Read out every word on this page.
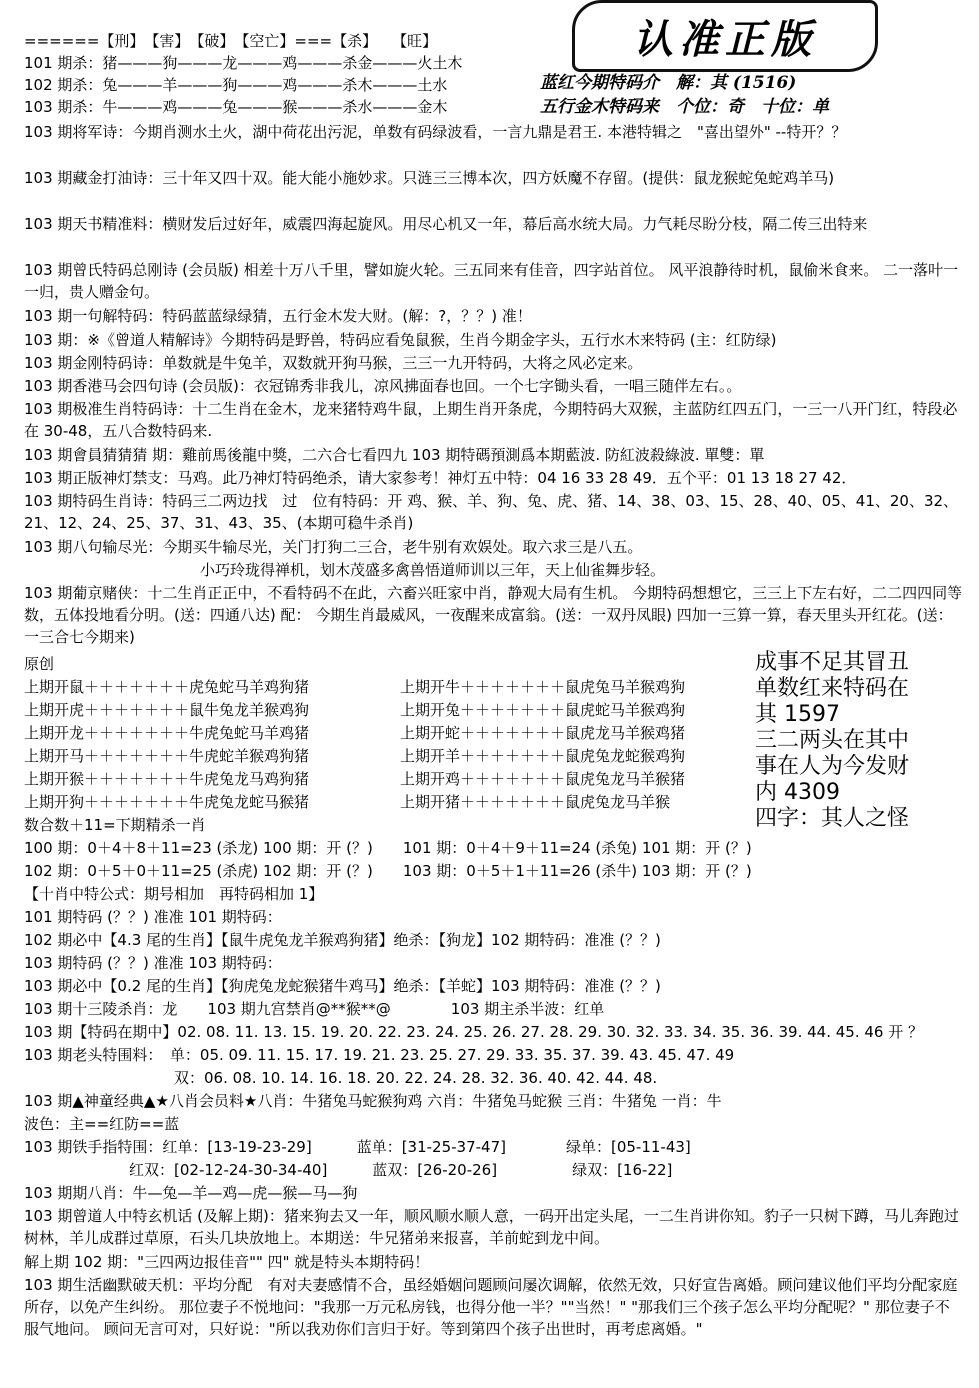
认准正版
======【刑】　【害】　【破】　【空亡】===【杀】　　【旺】
101 期杀：猪———狗———龙———鸡———杀金———火土木
102 期杀：兔———羊———狗———鸡———杀木———土水
103 期杀：牛———鸡———兔———猴———杀水———金木
蓝红今期特码介　解：其 (1516)
五行金木特码来　个位：奇　十位：单
103 期将军诗：今期肖测水土火，湖中荷花出污泥，单数有码绿波看，一言九鼎是君王. 本港特辑之　"喜出望外" --特开？？
103 期藏金打油诗：三十年又四十双。能大能小施妙求。只涟三三博本次，四方妖魔不存留。(提供：鼠龙猴蛇兔蛇鸡羊马)
103 期天书精准料：横财发后过好年，威震四海起旋风。用尽心机又一年，幕后高水统大局。力气耗尽盼分枝，隔二传三出特来
103 期曾氏特码总刚诗 (会员版) 相差十万八千里，譬如旋火轮。三五同来有佳音，四字站首位。 风平浪静待时机，鼠偷米食来。 二一落叶一一归，贵人赠金句。
103 期一句解特码：特码蓝蓝绿绿猜，五行金木发大财。(解：?，？？) 准！
103 期：※《曾道人精解诗》今期特码是野兽，特码应看兔鼠猴，生肖今期金字头，五行水木来特码 (主：红防绿)
103 期金刚特码诗：单数就是牛兔羊，双数就开狗马猴，三三一九开特码，大将之风必定来。
103 期香港马会四句诗 (会员版)：衣冠锦秀非我儿，凉风拂面春也回。一个七字锄头看，一唱三随伴左右。。
103 期极准生肖特码诗：十二生肖在金木，龙来猪特鸡牛鼠，上期生肖开条虎，今期特码大双猴，主蓝防红四五门，一三一八开门红，特段必在 30-48，五八合数特码来.
103 期會員猜猜猜 期：雞前馬後龍中獎，二六合七看四九 103 期特碼預測爲本期藍波. 防紅波殺綠波. 單雙：單
103 期正版神灯禁支：马鸡。此乃神灯特码绝杀，请大家参考！神灯五中特：04 16 33 28 49．五个平：01 13 18 27 42．
103 期特码生肖诗：特码三二两边找　过　位有特码：开 鸡、猴、羊、狗、兔、虎、猪、14、38、03、15、28、40、05、41、20、32、21、12、24、25、37、31、43、35、(本期可稳牛杀肖)
103 期八句输尽光：今期买牛输尽光，关门打狗二三合，老牛别有欢娱处。取六求三是八五。
小巧玲珑得禅机，划木茂盛多禽兽悟道师训以三年，天上仙雀舞步轻。
103 期葡京赌侠：十二生肖正正中，不看特码不在此，六畜兴旺家中肖，静观大局有生机。 今期特码想想它，三三上下左右好，二二四四同等数，五体投地看分明。(送：四通八达) 配： 今期生肖最威风，一夜醒来成富翁。(送：一双丹凤眼) 四加一三算一算，春天里头开红花。(送：一三合七今期来)
原创
上期开鼠＋＋＋＋＋＋＋虎兔蛇马羊鸡狗猪
上期开虎＋＋＋＋＋＋＋鼠牛兔龙羊猴鸡狗
上期开龙＋＋＋＋＋＋＋牛虎兔蛇马羊鸡猪
上期开马＋＋＋＋＋＋＋牛虎蛇羊猴鸡狗猪
上期开猴＋＋＋＋＋＋＋牛虎兔龙马鸡狗猪
上期开狗＋＋＋＋＋＋＋牛虎兔龙蛇马猴猪
上期开牛＋＋＋＋＋＋＋鼠虎兔马羊猴鸡狗
上期开兔＋＋＋＋＋＋＋鼠虎蛇马羊猴鸡狗
上期开蛇＋＋＋＋＋＋＋鼠虎龙马羊猴鸡猪
上期开羊＋＋＋＋＋＋＋鼠虎兔龙蛇猴鸡狗
上期开鸡＋＋＋＋＋＋＋鼠虎兔龙马羊猴猪
上期开猪＋＋＋＋＋＋＋鼠虎兔龙马羊猴
成事不足其冒丑
单数红来特码在
其 1597
三二两头在其中
事在人为今发财
内 4309
四字：其人之怪
数合数＋11=下期精杀一肖
100 期：0＋4＋8＋11=23 (杀龙) 100 期：开 (？)　　101 期：0＋4＋9＋11=24 (杀兔) 101 期：开 (？)
102 期：0＋5＋0＋11=25 (杀虎) 102 期：开 (？)　　103 期：0＋5＋1＋11=26 (杀牛) 103 期：开 (？)
【十肖中特公式：期号相加　再特码相加 1】
101 期特码 (？？) 准准 101 期特码：
102 期必中【4.3 尾的生肖】【鼠牛虎兔龙羊猴鸡狗猪】绝杀：【狗龙】102 期特码：准准 (？？)
103 期特码 (？？) 准准 103 期特码：
103 期必中【0.2 尾的生肖】【狗虎兔龙蛇猴猪牛鸡马】绝杀：【羊蛇】103 期特码：准准 (？？)
103 期十三陵杀肖：龙　　103 期九宫禁肖@**猴**@　　　　103 期主杀半波：红单
103 期【特码在期中】02. 08. 11. 13. 15. 19. 20. 22. 23. 24. 25. 26. 27. 28. 29. 30. 32. 33. 34. 35. 36. 39. 44. 45. 46 开 ？
103 期老头特围料：　单：05. 09. 11. 15. 17. 19. 21. 23. 25. 27. 29. 33. 35. 37. 39. 43. 45. 47. 49
　　　　　　　　　　双：06. 08. 10. 14. 16. 18. 20. 22. 24. 28. 32. 36. 40. 42. 44. 48.
103 期▲神童经典▲★八肖会员料★八肖：牛猪兔马蛇猴狗鸡 六肖：牛猪兔马蛇猴 三肖：牛猪兔 一肖：牛
波色：主==红防==蓝
103 期铁手指特围：红单：[13-19-23-29]　　　蓝单：[31-25-37-47]　　　　绿单：[05-11-43]
　　　　　　　红双：[02-12-24-30-34-40]　　　蓝双：[26-20-26]　　　　　绿双：[16-22]
103 期期八肖：牛—兔—羊—鸡—虎—猴—马—狗
103 期曾道人中特玄机话 (及解上期)：猪来狗去又一年，顺风顺水顺人意，一码开出定头尾，一二生肖讲你知。豹子一只树下蹲，马儿奔跑过树林，羊儿成群过草原，石头几块放地上。本期送：牛兄猪弟来报喜，羊前蛇到龙中间。
解上期 102 期："三四两边报佳音"" 四" 就是特头本期特码！
103 期生活幽默破天机：平均分配　有对夫妻感情不合，虽经婚姻问题顾问屡次调解，依然无效，只好宣告离婚。顾问建议他们平均分配家庭所存，以免产生纠纷。 那位妻子不悦地问："我那一万元私房钱，也得分他一半？""当然！" "那我们三个孩子怎么平均分配呢？" 那位妻子不服气地问。 顾问无言可对，只好说："所以我劝你们言归于好。等到第四个孩子出世时，再考虑离婚。"
